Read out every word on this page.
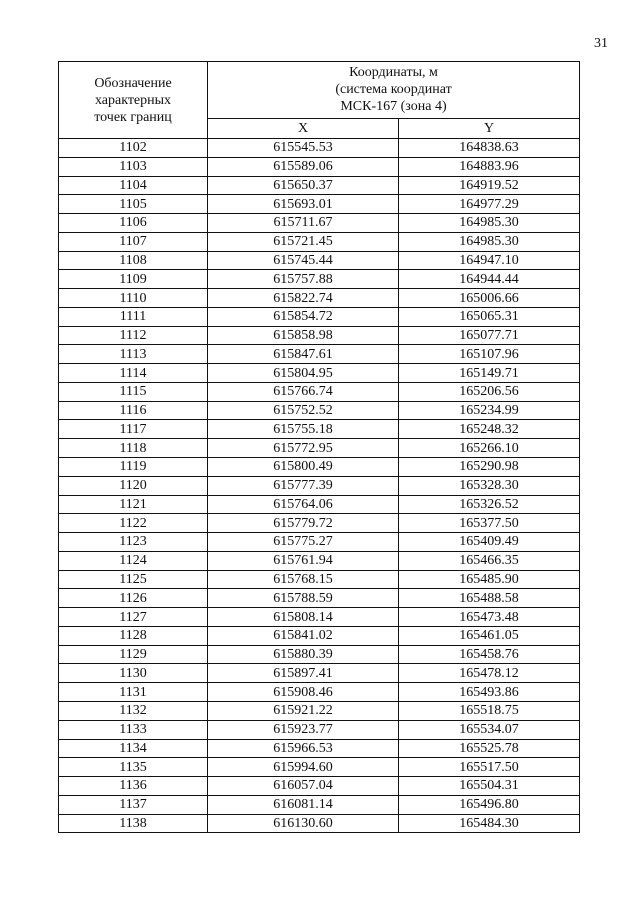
31
Обозначение
характерных
точек границ	Координаты, м
(система координат
МСК-167 (зона 4)	

	X	Y
1102	615545.53	164838.63
1103	615589.06	164883.96
1104	615650.37	164919.52
1105	615693.01	164977.29
1106	615711.67	164985.30
1107	615721.45	164985.30
1108	615745.44	164947.10
1109	615757.88	164944.44
1110	615822.74	165006.66
1111	615854.72	165065.31
1112	615858.98	165077.71
1113	615847.61	165107.96
1114	615804.95	165149.71
1115	615766.74	165206.56
1116	615752.52	165234.99
1117	615755.18	165248.32
1118	615772.95	165266.10
1119	615800.49	165290.98
1120	615777.39	165328.30
1121	615764.06	165326.52
1122	615779.72	165377.50
1123	615775.27	165409.49
1124	615761.94	165466.35
1125	615768.15	165485.90
1126	615788.59	165488.58
1127	615808.14	165473.48
1128	615841.02	165461.05
1129	615880.39	165458.76
1130	615897.41	165478.12
1131	615908.46	165493.86
1132	615921.22	165518.75
1133	615923.77	165534.07
1134	615966.53	165525.78
1135	615994.60	165517.50
1136	616057.04	165504.31
1137	616081.14	165496.80
1138	616130.60	165484.30
